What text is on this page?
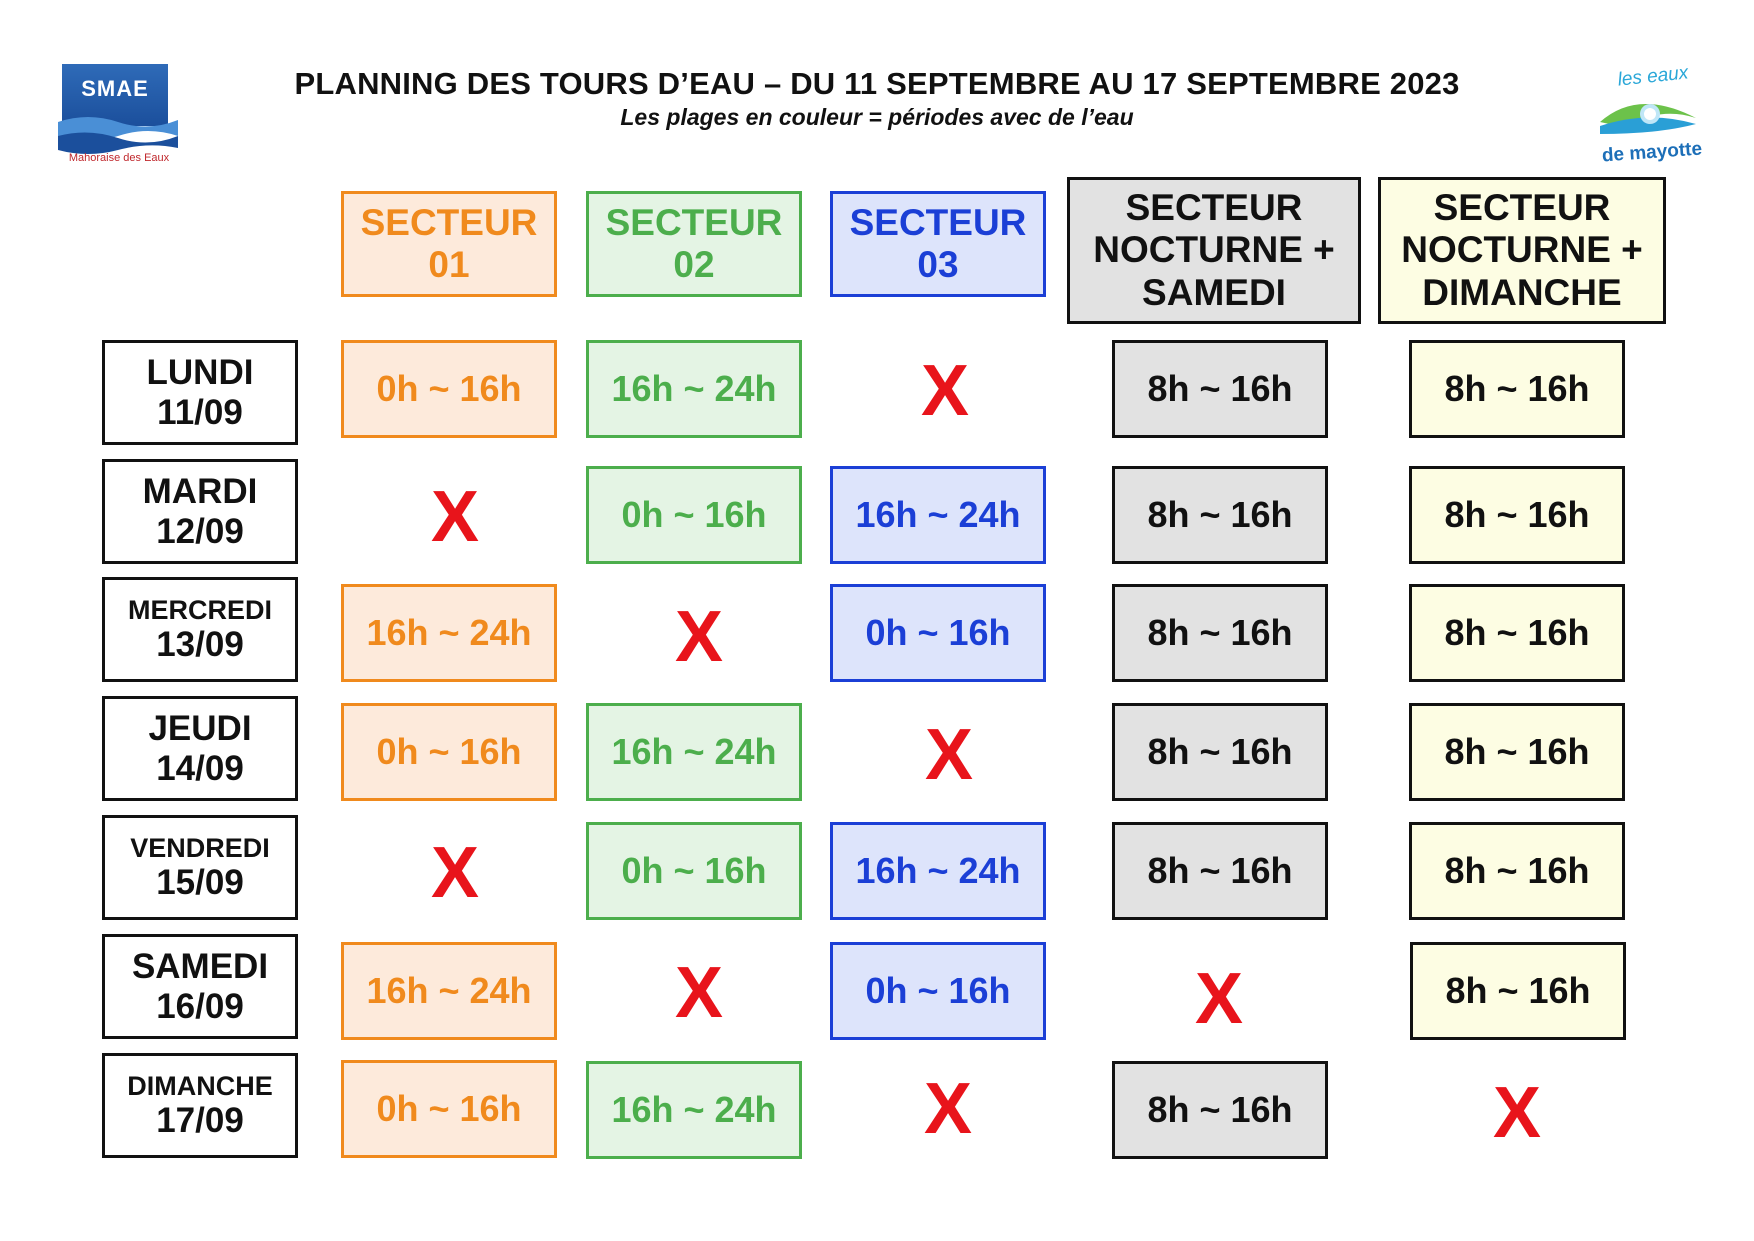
SMAE
Mahoraise des Eaux
les eaux
de mayotte
PLANNING DES TOURS D’EAU – DU 11 SEPTEMBRE AU 17 SEPTEMBRE 2023
Les plages en couleur = périodes avec de l’eau
SECTEUR
01
SECTEUR
02
SECTEUR
03
SECTEUR
NOCTURNE +
SAMEDI
SECTEUR
NOCTURNE +
DIMANCHE
LUNDI
11/09
0h ~ 16h	16h ~ 24h	X	8h ~ 16h	8h ~ 16h
MARDI
12/09	X	0h ~ 16h	16h ~ 24h	8h ~ 16h	8h ~ 16h
MERCREDI
13/09	16h ~ 24h	X	0h ~ 16h	8h ~ 16h	8h ~ 16h
JEUDI
14/09	0h ~ 16h	16h ~ 24h	X	8h ~ 16h	8h ~ 16h
VENDREDI
15/09	X	0h ~ 16h	16h ~ 24h	8h ~ 16h	8h ~ 16h
SAMEDI
16/09	16h ~ 24h	X	0h ~ 16h	X	8h ~ 16h
DIMANCHE
17/09	0h ~ 16h	16h ~ 24h	X	8h ~ 16h	X
